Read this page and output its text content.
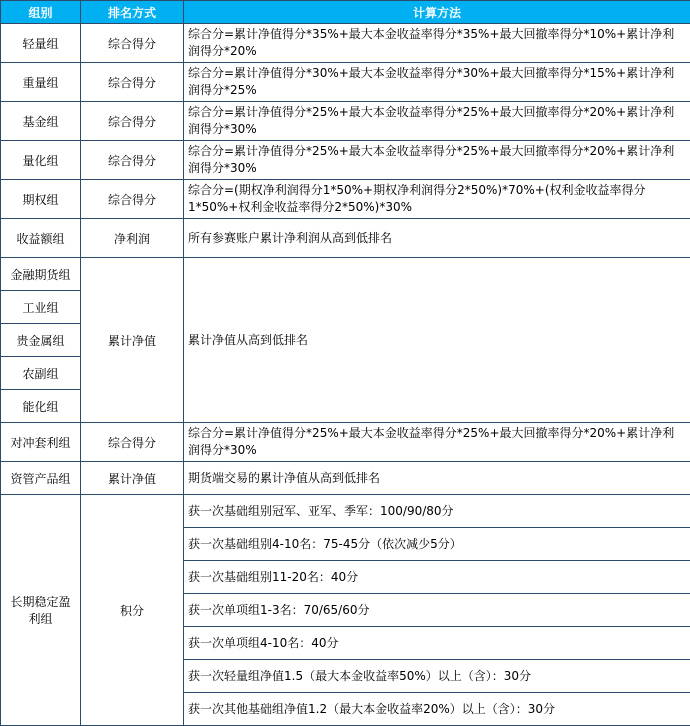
组别	排名方式	计算方法
轻量组	综合得分	综合分=累计净值得分*35%+最大本金收益率得分*35%+最大回撤率得分*10%+累计净利润得分*20%
重量组	综合得分	综合分=累计净值得分*30%+最大本金收益率得分*30%+最大回撤率得分*15%+累计净利润得分*25%
基金组	综合得分	综合分=累计净值得分*25%+最大本金收益率得分*25%+最大回撤率得分*20%+累计净利润得分*30%
量化组	综合得分	综合分=累计净值得分*25%+最大本金收益率得分*25%+最大回撤率得分*20%+累计净利润得分*30%
期权组	综合得分	综合分=(期权净利润得分1*50%+期权净利润得分2*50%)*70%+(权利金收益率得分1*50%+权利金收益率得分2*50%)*30%
收益额组	净利润	所有参赛账户累计净利润从高到低排名
金融期货组	累计净值	累计净值从高到低排名
工业组		
贵金属组		
农副组		
能化组		
对冲套利组	综合得分	综合分=累计净值得分*25%+最大本金收益率得分*25%+最大回撤率得分*20%+累计净利润得分*30%
资管产品组	累计净值	期货端交易的累计净值从高到低排名
长期稳定盈利组	积分	获一次基础组别冠军、亚军、季军：100/90/80分
		获一次基础组别4-10名：75-45分（依次减少5分）
		获一次基础组别11-20名：40分
		获一次单项组1-3名：70/65/60分
		获一次单项组4-10名：40分
		获一次轻量组净值1.5（最大本金收益率50%）以上（含）：30分
		获一次其他基础组净值1.2（最大本金收益率20%）以上（含）：30分
